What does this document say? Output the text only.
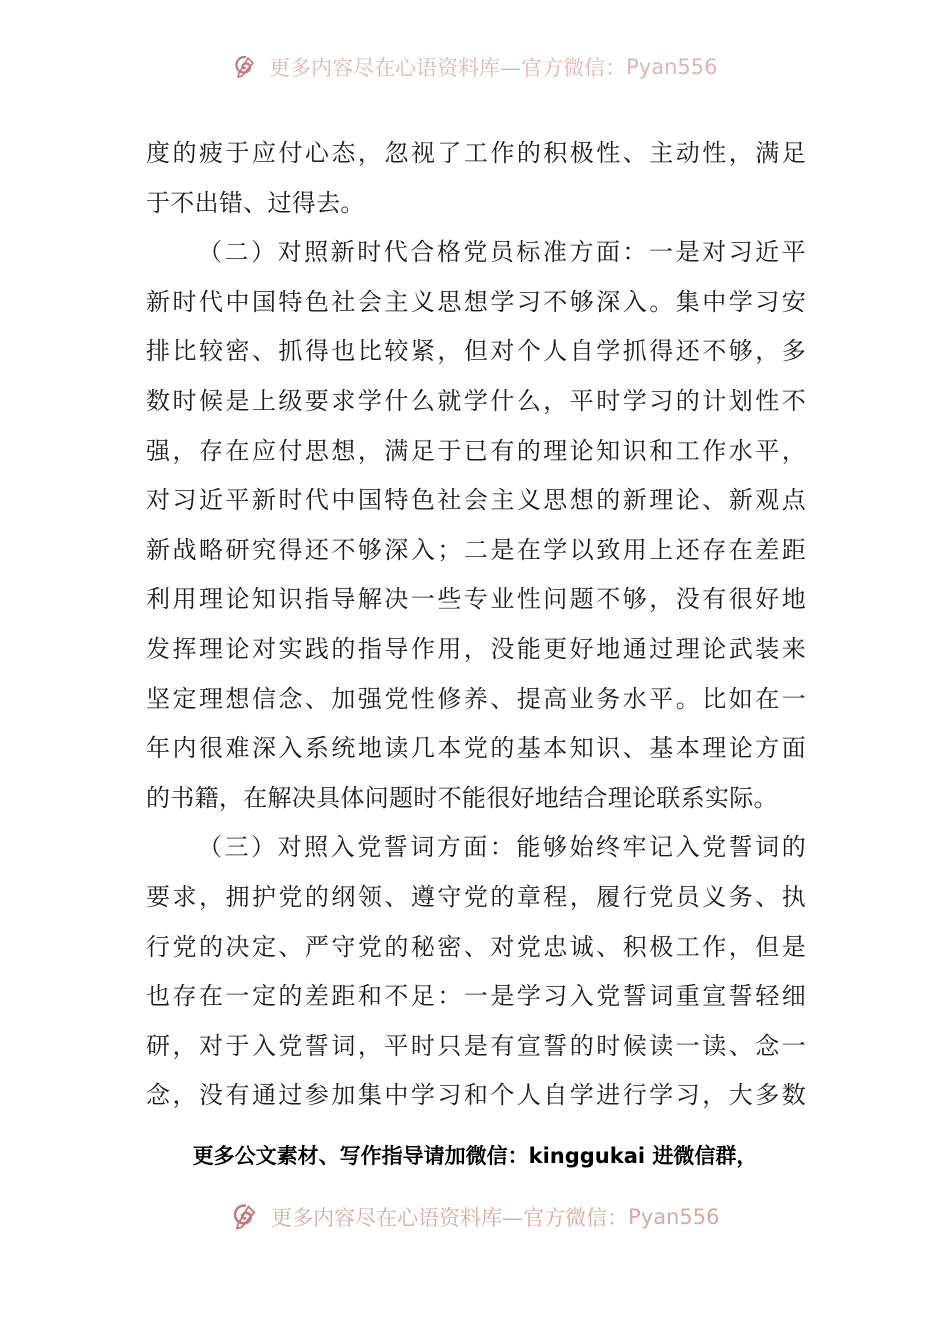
更多内容尽在心语资料库—官方微信：Pyan556
度的疲于应付心态，忽视了工作的积极性、主动性，满足
于不出错、过得去。
（二）对照新时代合格党员标准方面：一是对习近平
新时代中国特色社会主义思想学习不够深入。集中学习安
排比较密、抓得也比较紧，但对个人自学抓得还不够，多
数时候是上级要求学什么就学什么，平时学习的计划性不
强，存在应付思想，满足于已有的理论知识和工作水平，
对习近平新时代中国特色社会主义思想的新理论、新观点
新战略研究得还不够深入；二是在学以致用上还存在差距
利用理论知识指导解决一些专业性问题不够，没有很好地
发挥理论对实践的指导作用，没能更好地通过理论武装来
坚定理想信念、加强党性修养、提高业务水平。比如在一
年内很难深入系统地读几本党的基本知识、基本理论方面
的书籍，在解决具体问题时不能很好地结合理论联系实际。
（三）对照入党誓词方面：能够始终牢记入党誓词的
要求，拥护党的纲领、遵守党的章程，履行党员义务、执
行党的决定、严守党的秘密、对党忠诚、积极工作，但是
也存在一定的差距和不足：一是学习入党誓词重宣誓轻细
研，对于入党誓词，平时只是有宣誓的时候读一读、念一
念，没有通过参加集中学习和个人自学进行学习，大多数
更多公文素材、写作指导请加微信：kinggukai 进微信群，
更多内容尽在心语资料库—官方微信：Pyan556
